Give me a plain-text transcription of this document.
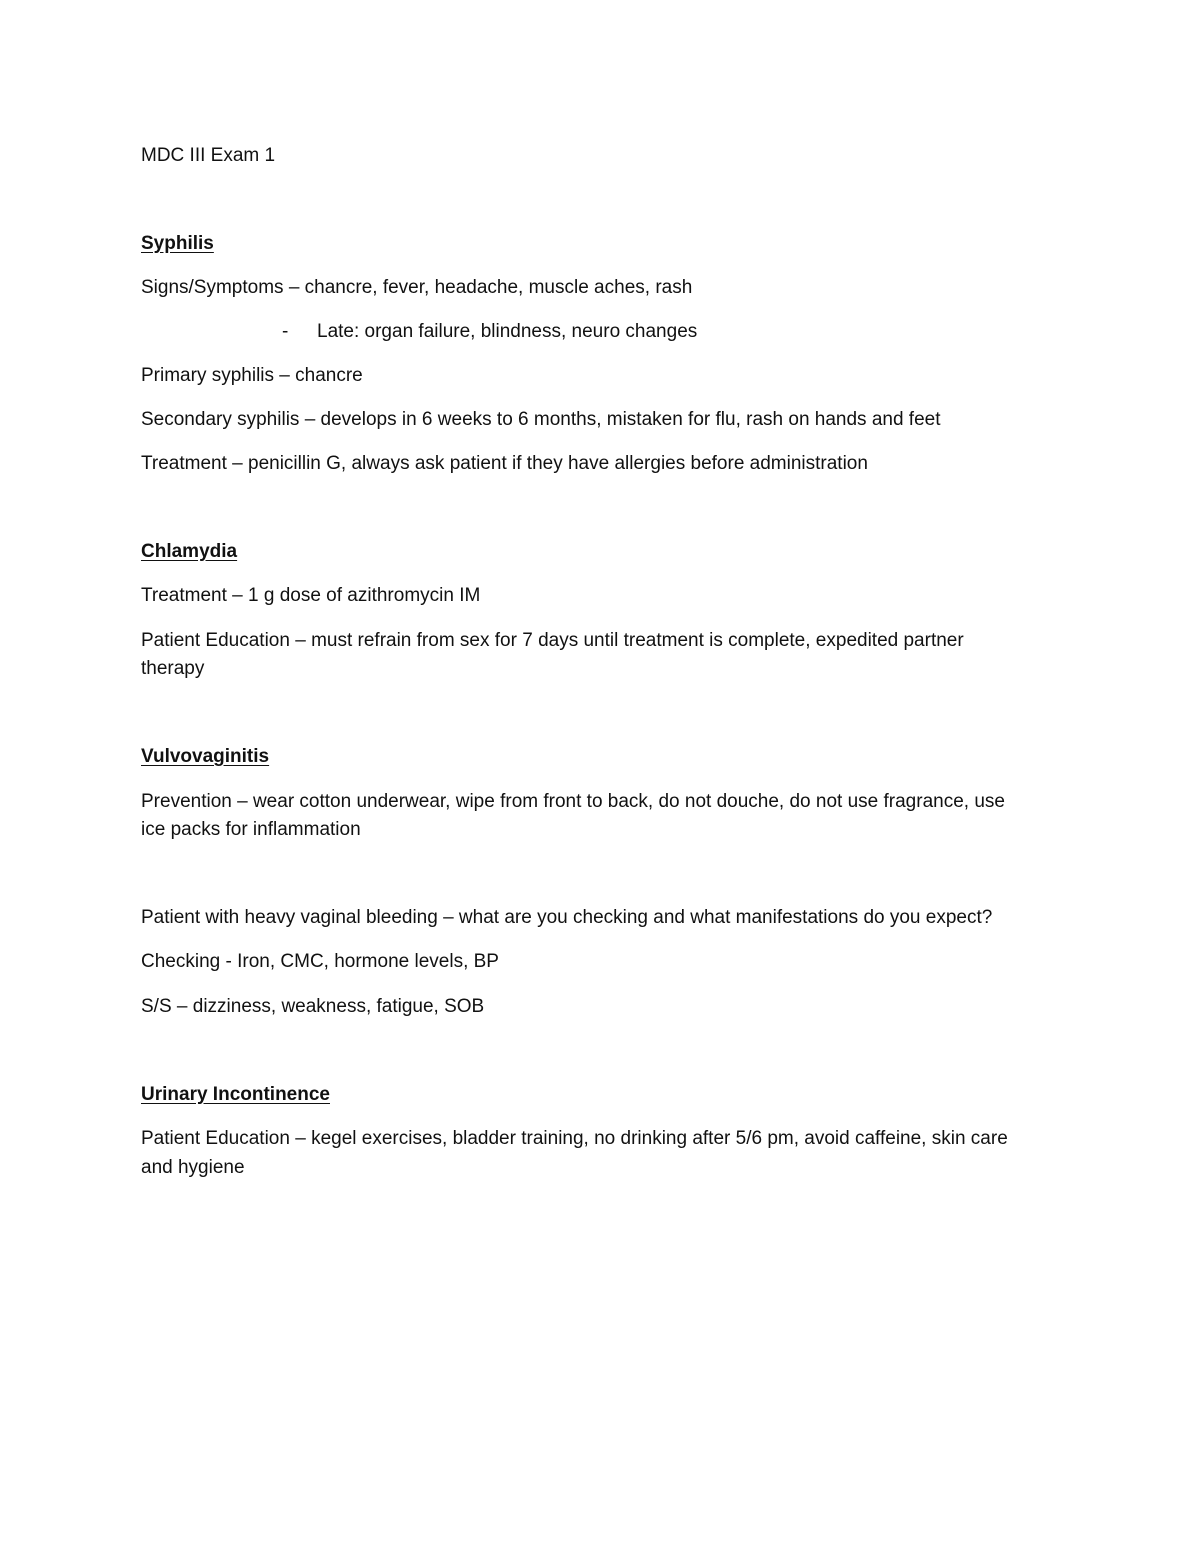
MDC III Exam 1
Syphilis
Signs/Symptoms – chancre, fever, headache, muscle aches, rash
- Late: organ failure, blindness, neuro changes
Primary syphilis – chancre
Secondary syphilis – develops in 6 weeks to 6 months, mistaken for flu, rash on hands and feet
Treatment – penicillin G, always ask patient if they have allergies before administration
Chlamydia
Treatment – 1 g dose of azithromycin IM
Patient Education – must refrain from sex for 7 days until treatment is complete, expedited partner
therapy
Vulvovaginitis
Prevention – wear cotton underwear, wipe from front to back, do not douche, do not use fragrance, use
ice packs for inflammation
Patient with heavy vaginal bleeding – what are you checking and what manifestations do you expect?
Checking - Iron, CMC, hormone levels, BP
S/S – dizziness, weakness, fatigue, SOB
Urinary Incontinence
Patient Education – kegel exercises, bladder training, no drinking after 5/6 pm, avoid caffeine, skin care
and hygiene
